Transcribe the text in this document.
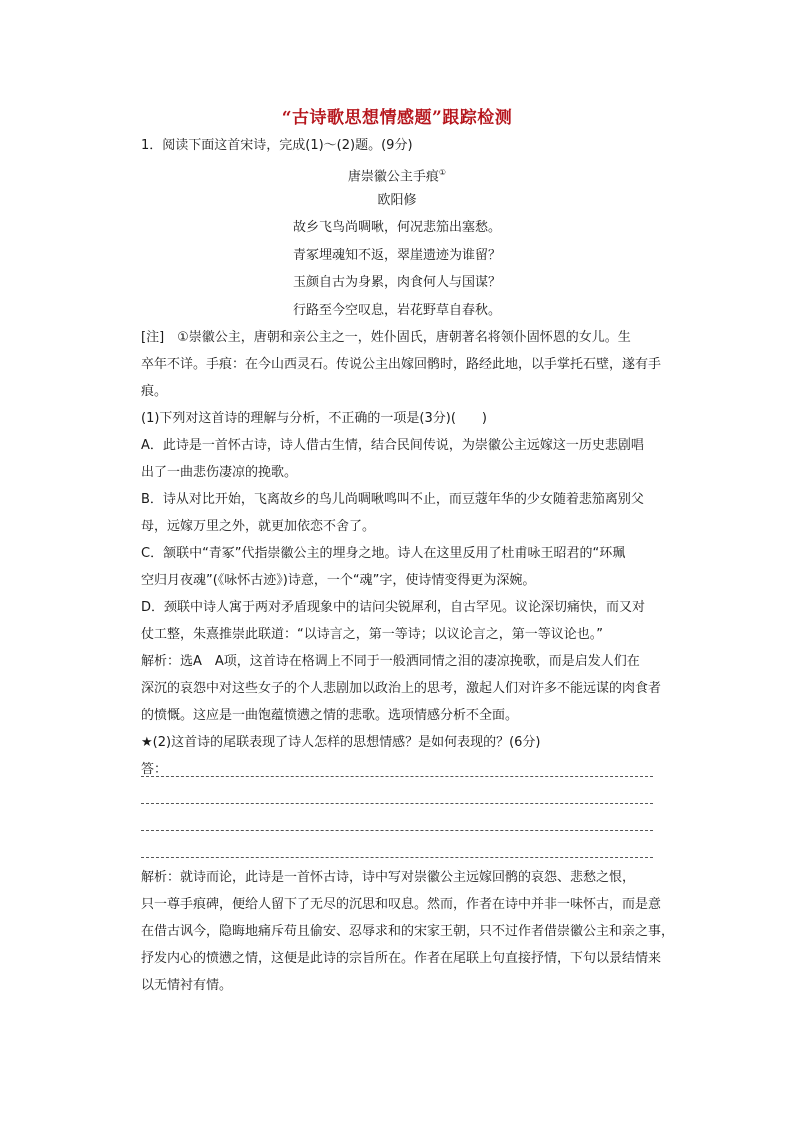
“古诗歌思想情感题”跟踪检测
1．阅读下面这首宋诗，完成(1)～(2)题。(9分)
唐崇徽公主手痕①
欧阳修
故乡飞鸟尚啁啾，何况悲笳出塞愁。
青冢埋魂知不返，翠崖遗迹为谁留？
玉颜自古为身累，肉食何人与国谋？
行路至今空叹息，岩花野草自春秋。
[注]　①崇徽公主，唐朝和亲公主之一，姓仆固氏，唐朝著名将领仆固怀恩的女儿。生
卒年不详。手痕：在今山西灵石。传说公主出嫁回鹘时，路经此地，以手掌托石壁，遂有手
痕。
(1)下列对这首诗的理解与分析，不正确的一项是(3分)(　　)
A．此诗是一首怀古诗，诗人借古生情，结合民间传说，为崇徽公主远嫁这一历史悲剧唱
出了一曲悲伤凄凉的挽歌。
B．诗从对比开始，飞离故乡的鸟儿尚啁啾鸣叫不止，而豆蔻年华的少女随着悲笳离别父
母，远嫁万里之外，就更加依恋不舍了。
C．颔联中“青冢”代指崇徽公主的埋身之地。诗人在这里反用了杜甫咏王昭君的“环珮
空归月夜魂”(《咏怀古迹》)诗意，一个“魂”字，使诗情变得更为深婉。
D．颈联中诗人寓于两对矛盾现象中的诘问尖锐犀利，自古罕见。议论深切痛快，而又对
仗工整，朱熹推崇此联道：“以诗言之，第一等诗；以议论言之，第一等议论也。”
解析：选A　A项，这首诗在格调上不同于一般洒同情之泪的凄凉挽歌，而是启发人们在
深沉的哀怨中对这些女子的个人悲剧加以政治上的思考，激起人们对许多不能远谋的肉食者
的愤慨。这应是一曲饱蕴愤懑之情的悲歌。选项情感分析不全面。
★(2)这首诗的尾联表现了诗人怎样的思想情感？是如何表现的？(6分)
答：
解析：就诗而论，此诗是一首怀古诗，诗中写对崇徽公主远嫁回鹘的哀怨、悲愁之恨，
只一尊手痕碑，便给人留下了无尽的沉思和叹息。然而，作者在诗中并非一味怀古，而是意
在借古讽今，隐晦地痛斥苟且偷安、忍辱求和的宋家王朝，只不过作者借崇徽公主和亲之事，
抒发内心的愤懑之情，这便是此诗的宗旨所在。作者在尾联上句直接抒情，下句以景结情来
以无情衬有情。
